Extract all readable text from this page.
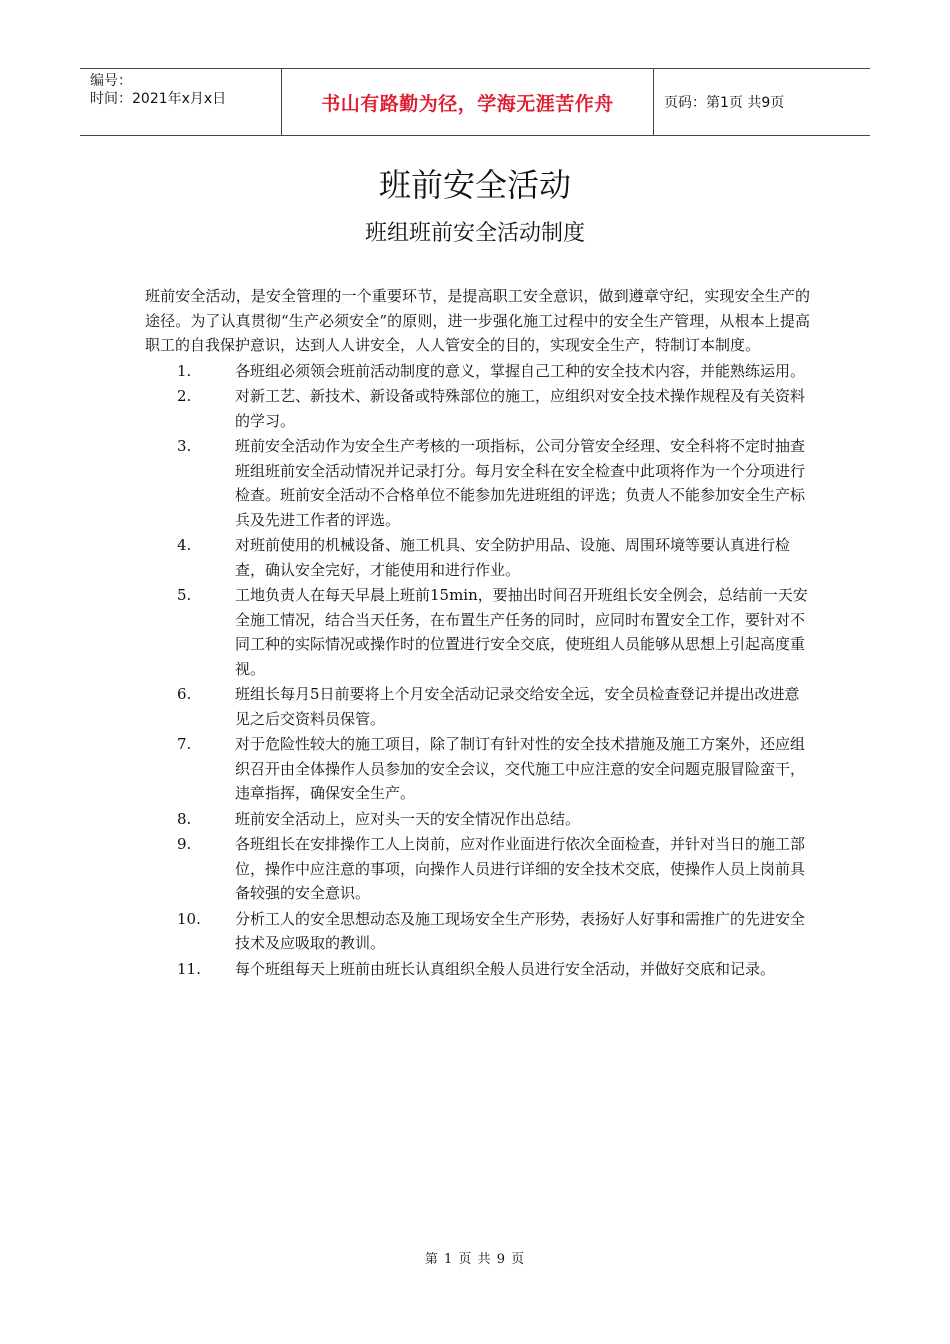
编号：
时间：2021年x月x日	书山有路勤为径，学海无涯苦作舟	页码：第1页 共9页
班前安全活动
班组班前安全活动制度

班前安全活动，是安全管理的一个重要环节，是提高职工安全意识，做到遵章守纪，实现安全生产的途径。为了认真贯彻“生产必须安全”的原则，进一步强化施工过程中的安全生产管理，从根本上提高职工的自我保护意识，达到人人讲安全，人人管安全的目的，实现安全生产，特制订本制度。

1.	各班组必须领会班前活动制度的意义，掌握自己工种的安全技术内容，并能熟练运用。
2.	对新工艺、新技术、新设备或特殊部位的施工，应组织对安全技术操作规程及有关资料的学习。
3.	班前安全活动作为安全生产考核的一项指标，公司分管安全经理、安全科将不定时抽查班组班前安全活动情况并记录打分。每月安全科在安全检查中此项将作为一个分项进行检查。班前安全活动不合格单位不能参加先进班组的评选；负责人不能参加安全生产标兵及先进工作者的评选。
4.	对班前使用的机械设备、施工机具、安全防护用品、设施、周围环境等要认真进行检查，确认安全完好，才能使用和进行作业。
5.	工地负责人在每天早晨上班前15min，要抽出时间召开班组长安全例会，总结前一天安全施工情况，结合当天任务，在布置生产任务的同时，应同时布置安全工作，要针对不同工种的实际情况或操作时的位置进行安全交底，使班组人员能够从思想上引起高度重视。
6.	班组长每月5日前要将上个月安全活动记录交给安全远，安全员检查登记并提出改进意见之后交资料员保管。
7.	对于危险性较大的施工项目，除了制订有针对性的安全技术措施及施工方案外，还应组织召开由全体操作人员参加的安全会议，交代施工中应注意的安全问题克服冒险蛮干，违章指挥，确保安全生产。
8.	班前安全活动上，应对头一天的安全情况作出总结。
9.	各班组长在安排操作工人上岗前，应对作业面进行依次全面检查，并针对当日的施工部位，操作中应注意的事项，向操作人员进行详细的安全技术交底，使操作人员上岗前具备较强的安全意识。
10.	分析工人的安全思想动态及施工现场安全生产形势，表扬好人好事和需推广的先进安全技术及应吸取的教训。
11.	每个班组每天上班前由班长认真组织全般人员进行安全活动，并做好交底和记录。
第 1 页 共 9 页
